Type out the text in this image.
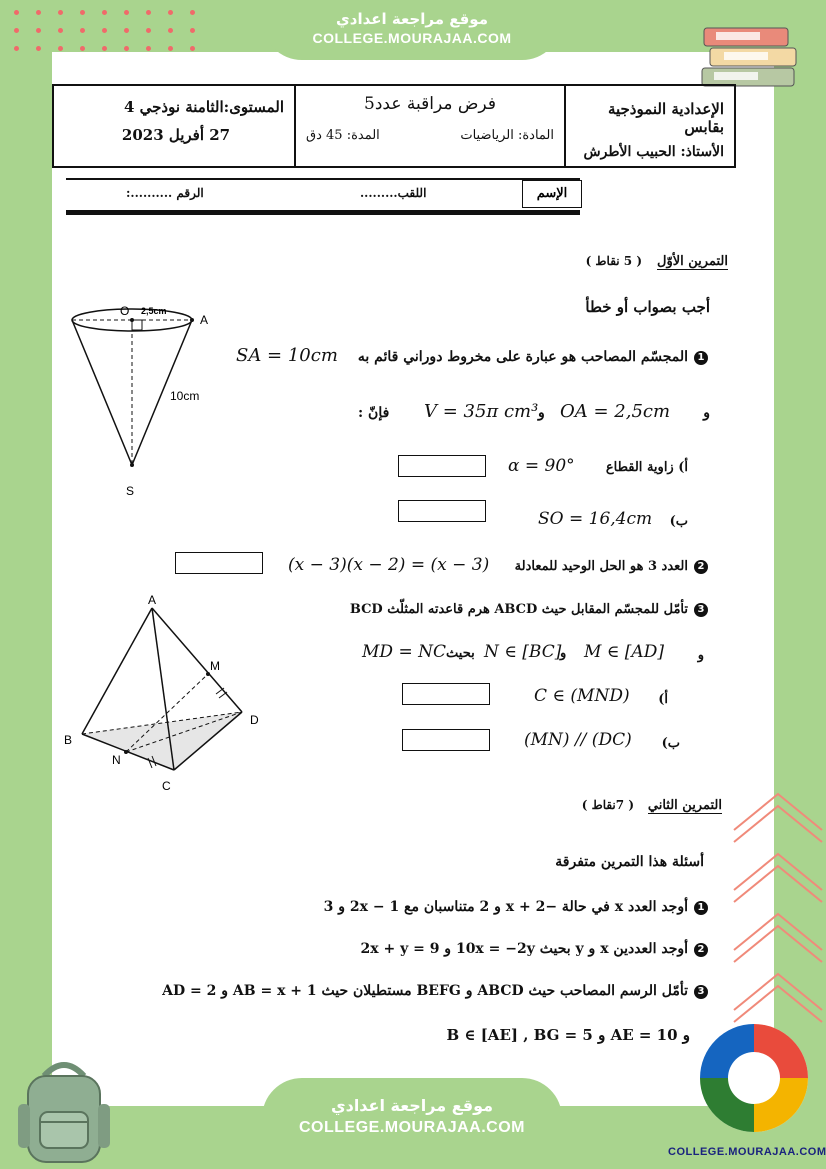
موقع مراجعة اعدادي
COLLEGE.MOURAJAA.COM
الإعدادية النموذجية بقابس
الأستاذ: الحبيب الأطرش
فرض مراقبة عدد5
المادة: الرياضيات
المدة: 45 دق
المستوى:الثامنة نوذجي 4
27 أفريل 2023
الإسم
اللقب.........
الرقم ..........:
التمرين الأوّل
( 5 نقاط )
أجب بصواب أو خطأ
O
A
S
2,5cm
10cm
1المجسّم المصاحب هو عبارة على مخروط دوراني قائم به
SA = 10cm
و
OA = 2,5cm
و
V = 35π cm³
فإنّ :
أ) زاوية القطاع
α = 90°
ب)
SO = 16,4cm
2العدد 3 هو الحل الوحيد للمعادلة
(x − 3)(x − 2) = (x − 3)
A
B
C
D
M
N
3تأمّل للمجسّم المقابل حيث ABCD هرم قاعدته المثلّث BCD
و
M ∈ [AD]
و
N ∈ [BC]
بحيث
MD = NC
أ)
C ∈ (MND)
ب)
(MN) // (DC)
التمرين الثاني
( 7نقاط )
أسئلة هذا التمرين متفرقة
1أوجد العدد x في حالة −x + 2 و 2 متناسبان مع 2x − 1 و 3
2أوجد العددين x و y بحيث 10x = −2y و 2x + y = 9
3تأمّل الرسم المصاحب حيث ABCD و BEFG مستطيلان حيث AB = x + 1 و AD = 2
و AE = 10 و B ∈ [AE] , BG = 5
موقع مراجعة اعدادي
COLLEGE.MOURAJAA.COM
COLLEGE.MOURAJAA.COM
